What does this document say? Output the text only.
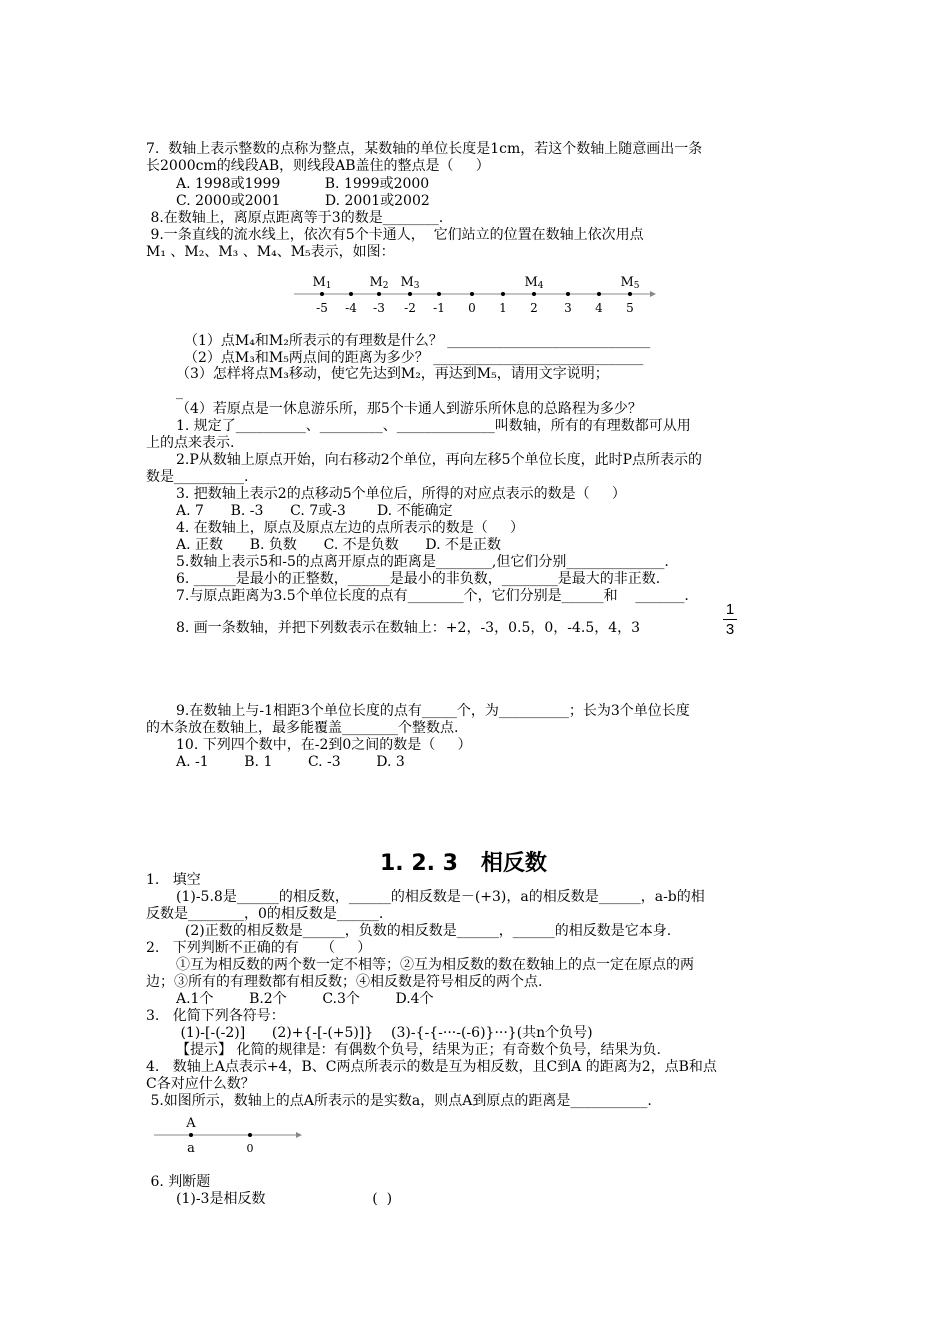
7.  数轴上表示整数的点称为整点，某数轴的单位长度是1cm，若这个数轴上随意画出一条
长2000cm的线段AB，则线段AB盖住的整点是（     ）
A. 1998或1999          B. 1999或2000
C. 2000或2001          D. 2001或2002
8.在数轴上，离原点距离等于3的数是________.
9.一条直线的流水线上，依次有5个卡通人，  它们站立的位置在数轴上依次用点
M₁ 、M₂、M₃ 、M₄、M₅表示，如图：
（1）点M₄和M₂所表示的有理数是什么？ _____________________________
（2）点M₃和M₅两点间的距离为多少？ ______________________________
（3）怎样将点M₃移动，使它先达到M₂，再达到M₅，请用文字说明；
_
（4）若原点是一休息游乐所，那5个卡通人到游乐所休息的总路程为多少？
1. 规定了__________、_________、______________叫数轴，所有的有理数都可从用
上的点来表示.
2.P从数轴上原点开始，向右移动2个单位，再向左移5个单位长度，此时P点所表示的
数是__________.
3. 把数轴上表示2的点移动5个单位后，所得的对应点表示的数是（     ）
A. 7      B. -3      C. 7或-3       D. 不能确定
4. 在数轴上，原点及原点左边的点所表示的数是（     ）
A. 正数      B. 负数      C. 不是负数      D. 不是正数
5.数轴上表示5和-5的点离开原点的距离是________,但它们分别______________.
6. ______是最小的正整数，______是最小的非负数，________是最大的非正数.
7.与原点距离为3.5个单位长度的点有________个，它们分别是______和    _______.
8. 画一条数轴，并把下列数表示在数轴上：+2，-3，0.5，0，-4.5，4，3
9.在数轴上与-1相距3个单位长度的点有_____个，为__________；长为3个单位长度
的木条放在数轴上，最多能覆盖________个整数点.
10. 下列四个数中，在-2到0之间的数是（     ）
A. -1        B. 1        C. -3        D. 3
1.   填空
(1)-5.8是______的相反数，______的相反数是－(+3)，a的相反数是______，a-b的相
反数是________，0的相反数是______.
(2)正数的相反数是______，负数的相反数是______，______的相反数是它本身.
2.   下列判断不正确的有     （     ）
①互为相反数的两个数一定不相等；②互为相反数的数在数轴上的点一定在原点的两
边；③所有的有理数都有相反数；④相反数是符号相反的两个点.
A.1个        B.2个        C.3个        D.4个
3.   化简下列各符号：
(1)-[-(-2)]      (2)+{-[-(+5)]}    (3)-{-{-···-(-6)}···}(共n个负号)
【提示】 化简的规律是：有偶数个负号，结果为正；有奇数个负号，结果为负.
4.   数轴上A点表示+4，B、C两点所表示的数是互为相反数，且C到A 的距离为2，点B和点
C各对应什么数？
5.如图所示，数轴上的点A所表示的是实数a，则点A到原点的距离是___________.
6. 判断题
(1)-3是相反数                        (  )
1. 2. 3   相反数
1
3
-5 -4 -3 -2 -1 0 1 2 3 4 5
M1	M2 M3	M4	M5
A
a	0
